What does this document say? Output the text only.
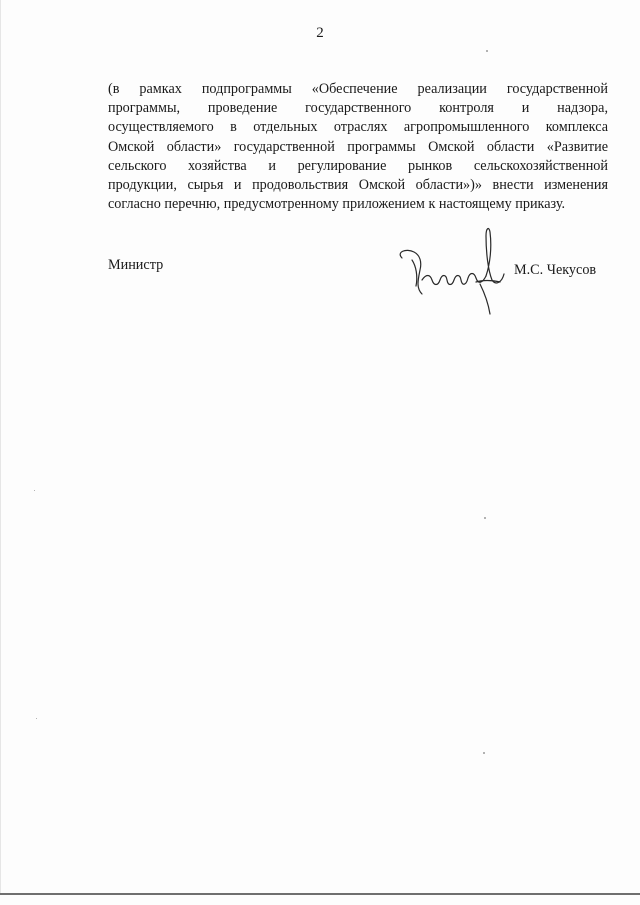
2
(в рамках подпрограммы «Обеспечение реализации государственной
программы, проведение государственного контроля и надзора,
осуществляемого в отдельных отраслях агропромышленного комплекса
Омской области» государственной программы Омской области «Развитие
сельского хозяйства и регулирование рынков сельскохозяйственной
продукции, сырья и продовольствия Омской области»)» внести изменения
согласно перечню, предусмотренному приложением к настоящему приказу.
Министр	М.С. Чекусов
